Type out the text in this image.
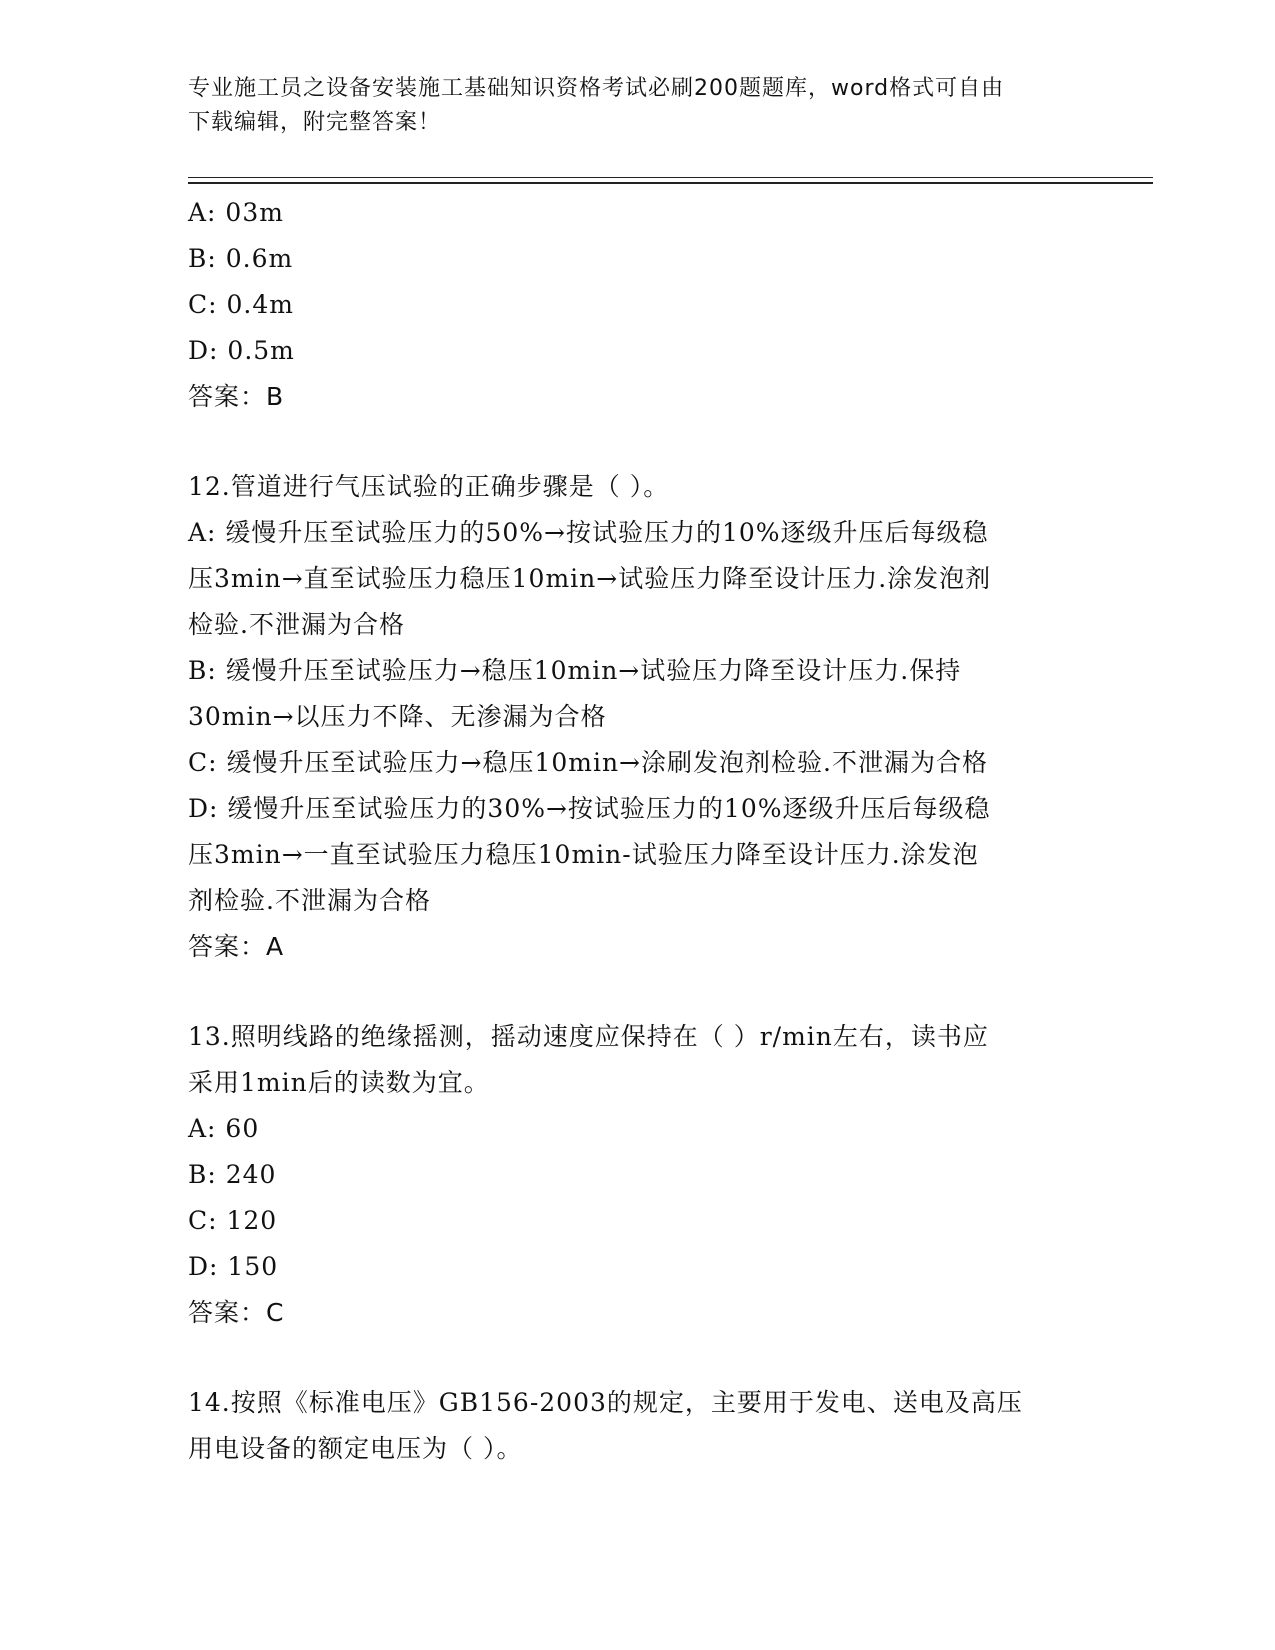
专业施工员之设备安装施工基础知识资格考试必刷200题题库，word格式可自由
下载编辑，附完整答案！
A: 03m
B: 0.6m
C: 0.4m
D: 0.5m
答案：B
12.管道进行气压试验的正确步骤是（ ）。
A: 缓慢升压至试验压力的50%→按试验压力的10%逐级升压后每级稳
压3min→直至试验压力稳压10min→试验压力降至设计压力.涂发泡剂
检验.不泄漏为合格
B: 缓慢升压至试验压力→稳压10min→试验压力降至设计压力.保持
30min→以压力不降、无渗漏为合格
C: 缓慢升压至试验压力→稳压10min→涂刷发泡剂检验.不泄漏为合格
D: 缓慢升压至试验压力的30%→按试验压力的10%逐级升压后每级稳
压3min→一直至试验压力稳压10min-试验压力降至设计压力.涂发泡
剂检验.不泄漏为合格
答案：A
13.照明线路的绝缘摇测，摇动速度应保持在（ ）r/min左右，读书应
采用1min后的读数为宜。
A: 60
B: 240
C: 120
D: 150
答案：C
14.按照《标准电压》GB156-2003的规定，主要用于发电、送电及高压
用电设备的额定电压为（ ）。
